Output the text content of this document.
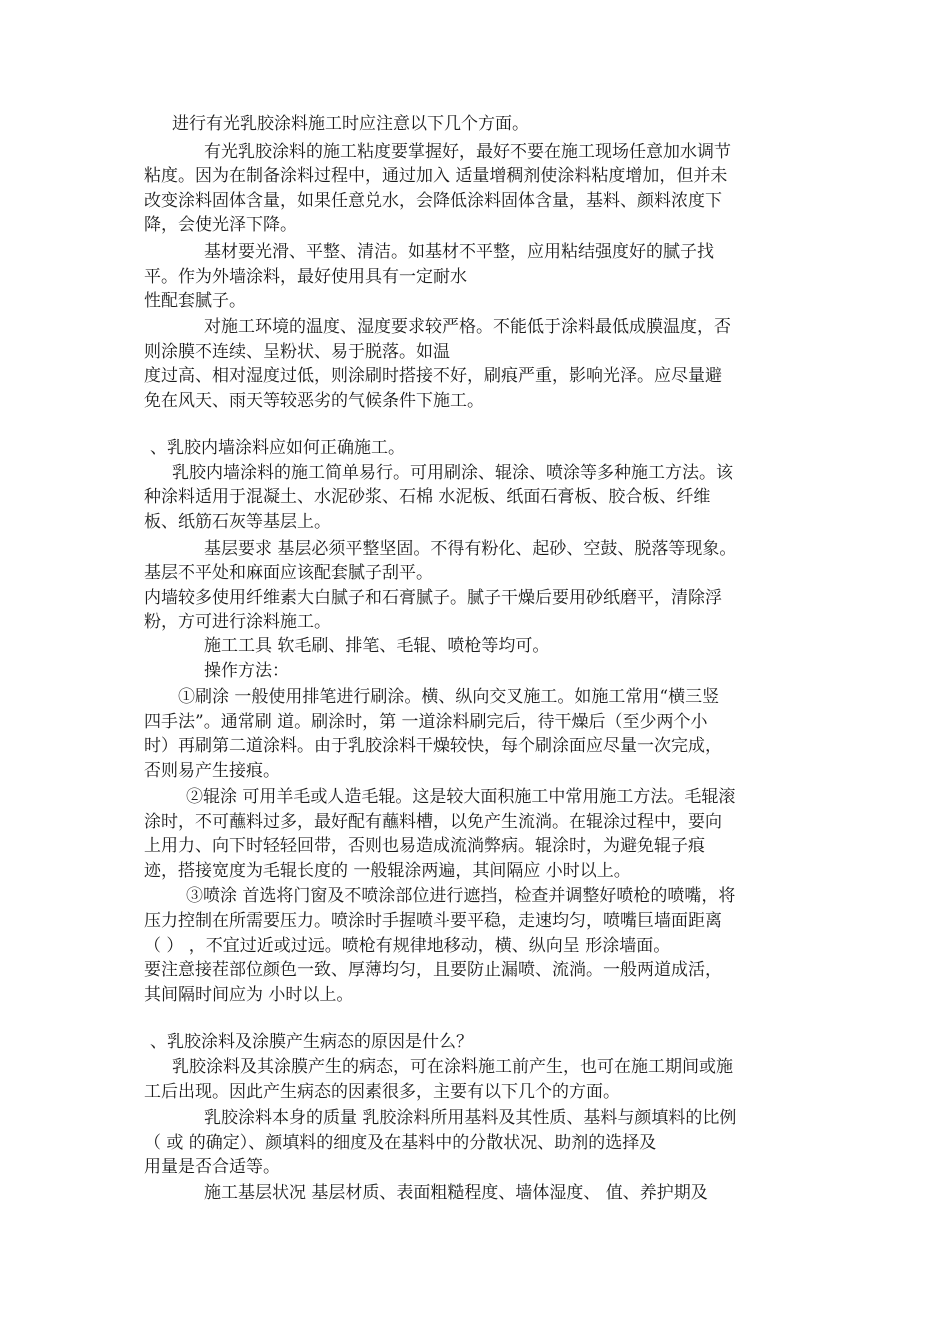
进行有光乳胶涂料施工时应注意以下几个方面。

有光乳胶涂料的施工粘度要掌握好，最好不要在施工现场任意加水调节

粘度。因为在制备涂料过程中，通过加入 适量增稠剂使涂料粘度增加，但并未

改变涂料固体含量，如果任意兑水，会降低涂料固体含量，基料、颜料浓度下

降，会使光泽下降。

基材要光滑、平整、清洁。如基材不平整，应用粘结强度好的腻子找

平。作为外墙涂料，最好使用具有一定耐水

性配套腻子。

对施工环境的温度、湿度要求较严格。不能低于涂料最低成膜温度，否

则涂膜不连续、呈粉状、易于脱落。如温

度过高、相对湿度过低，则涂刷时搭接不好，刷痕严重，影响光泽。应尽量避

免在风天、雨天等较恶劣的气候条件下施工。

、乳胶内墙涂料应如何正确施工。

乳胶内墙涂料的施工简单易行。可用刷涂、辊涂、喷涂等多种施工方法。该

种涂料适用于混凝土、水泥砂浆、石棉 水泥板、纸面石膏板、胶合板、纤维

板、纸筋石灰等基层上。

基层要求 基层必须平整坚固。不得有粉化、起砂、空鼓、脱落等现象。

基层不平处和麻面应该配套腻子刮平。

内墙较多使用纤维素大白腻子和石膏腻子。腻子干燥后要用砂纸磨平，清除浮

粉，方可进行涂料施工。

施工工具 软毛刷、排笔、毛辊、喷枪等均可。

操作方法：

①刷涂 一般使用排笔进行刷涂。横、纵向交叉施工。如施工常用“横三竖

四手法”。通常刷 道。刷涂时，第 一道涂料刷完后，待干燥后（至少两个小

时）再刷第二道涂料。由于乳胶涂料干燥较快，每个刷涂面应尽量一次完成，

否则易产生接痕。

②辊涂 可用羊毛或人造毛辊。这是较大面积施工中常用施工方法。毛辊滚

涂时，不可蘸料过多，最好配有蘸料槽，以免产生流淌。在辊涂过程中，要向

上用力、向下时轻轻回带，否则也易造成流淌弊病。辊涂时，为避免辊子痕

迹，搭接宽度为毛辊长度的 一般辊涂两遍，其间隔应 小时以上。

③喷涂 首选将门窗及不喷涂部位进行遮挡，检查并调整好喷枪的喷嘴，将

压力控制在所需要压力。喷涂时手握喷斗要平稳，走速均匀，喷嘴巨墙面距离

（ ） ，不宜过近或过远。喷枪有规律地移动，横、纵向呈 形涂墙面。

要注意接茬部位颜色一致、厚薄均匀，且要防止漏喷、流淌。一般两道成活，

其间隔时间应为 小时以上。

、乳胶涂料及涂膜产生病态的原因是什么？

乳胶涂料及其涂膜产生的病态，可在涂料施工前产生，也可在施工期间或施

工后出现。因此产生病态的因素很多，主要有以下几个的方面。

乳胶涂料本身的质量 乳胶涂料所用基料及其性质、基料与颜填料的比例

（ 或 的确定）、颜填料的细度及在基料中的分散状况、助剂的选择及

用量是否合适等。

施工基层状况 基层材质、表面粗糙程度、墙体湿度、 值、养护期及
